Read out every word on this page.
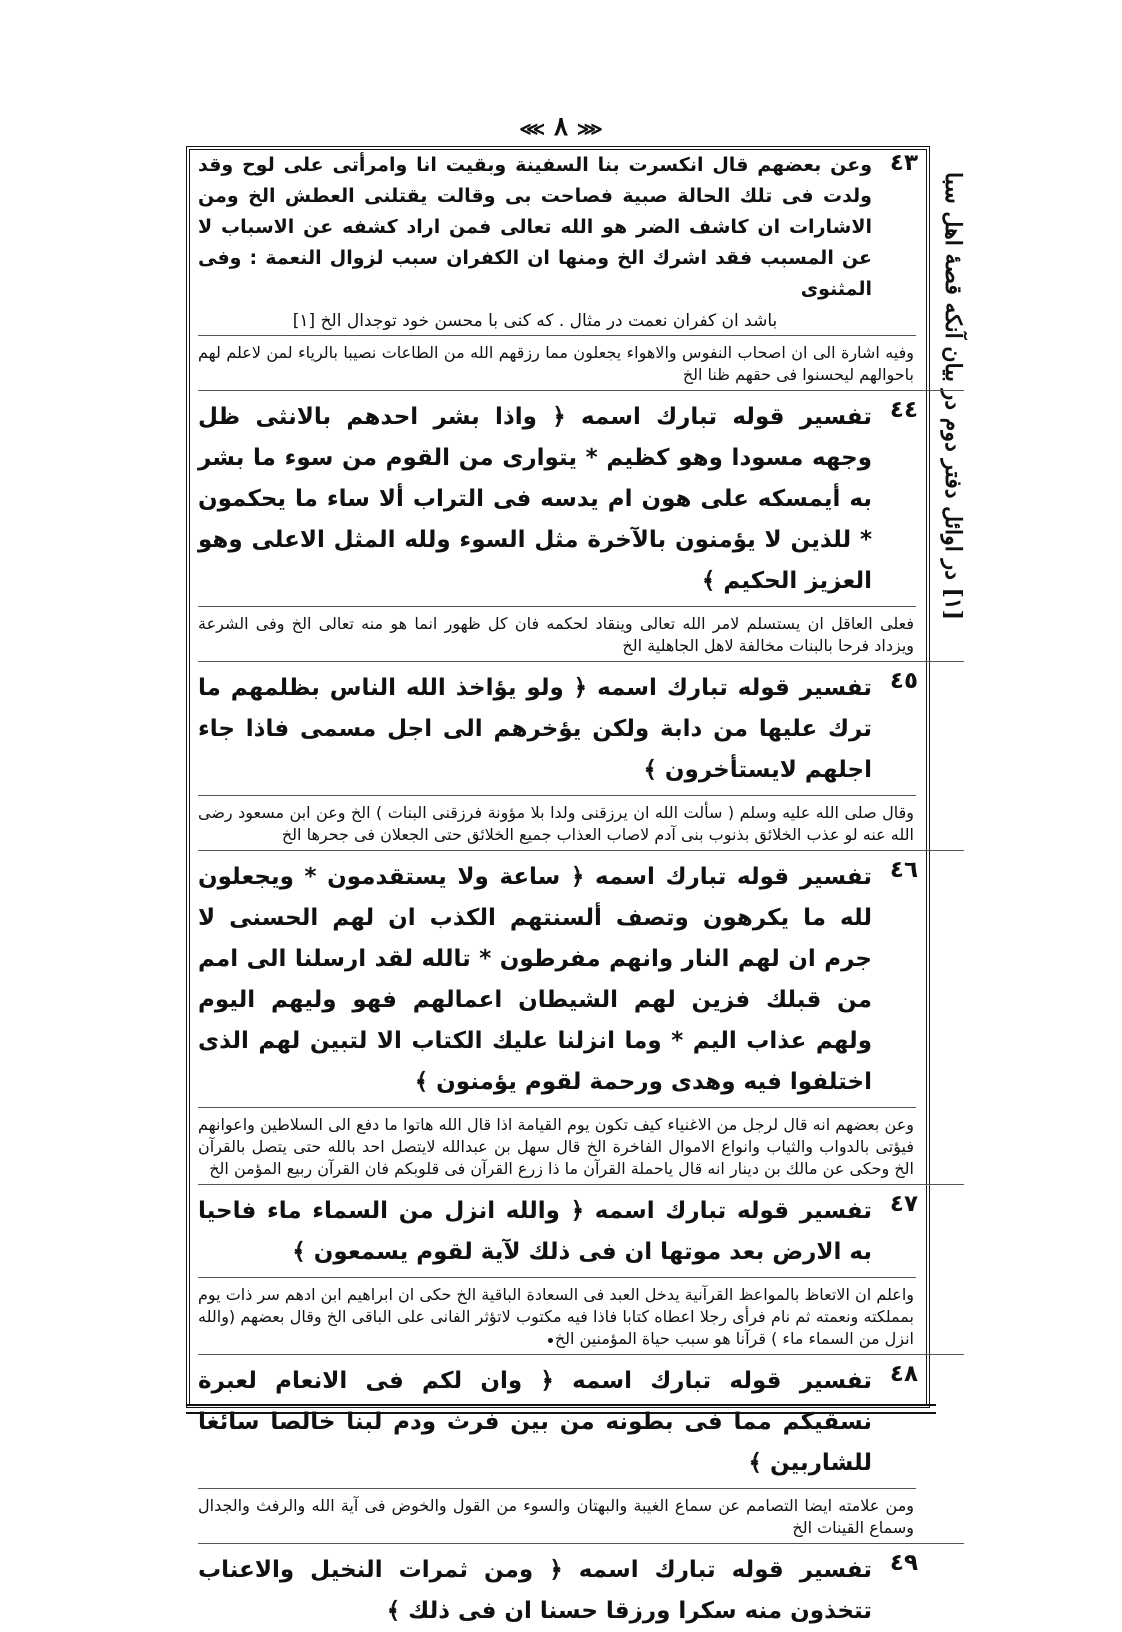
⋘ ٨ ⋙
[١] در اوائل دفتر دوم در بيان آنکه قصهٔ اهل سبا
٤٣

وعن بعضهم قال انكسرت بنا السفينة وبقيت انا وامرأتى على لوح وقد ولدت فى تلك الحالة صبية فصاحت بى وقالت يقتلنى العطش الخ ومن الاشارات ان كاشف الضر هو الله تعالى فمن اراد كشفه عن الاسباب لا عن المسبب فقد اشرك الخ ومنها ان الكفران سبب لزوال النعمة : وفى المثنوى

باشد ان کفران نعمت در مثال . که کنی با محسن خود توجدال الخ [١]

وفيه اشارة الى ان اصحاب النفوس والاهواء يجعلون مما رزقهم الله من الطاعات نصيبا بالرياء لمن لاعلم لهم باحوالهم ليحسنوا فى حقهم ظنا الخ

٤٤

تفسير قوله تبارك اسمه ﴿ واذا بشر احدهم بالانثى ظل وجهه مسودا وهو كظيم * يتوارى من القوم من سوء ما بشر به أيمسكه على هون ام يدسه فى التراب ألا ساء ما يحكمون * للذين لا يؤمنون بالآخرة مثل السوء ولله المثل الاعلى وهو العزيز الحكيم ﴾

فعلى العاقل ان يستسلم لامر الله تعالى وينقاد لحكمه فان كل ظهور انما هو منه تعالى الخ وفى الشرعة ويزداد فرحا بالبنات مخالفة لاهل الجاهلية الخ

٤٥

تفسير قوله تبارك اسمه ﴿ ولو يؤاخذ الله الناس بظلمهم ما ترك عليها من دابة ولكن يؤخرهم الى اجل مسمى فاذا جاء اجلهم لايستأخرون ﴾

وقال صلى الله عليه وسلم ( سألت الله ان يرزقنى ولدا بلا مؤونة فرزقنى البنات ) الخ وعن ابن مسعود رضى الله عنه لو عذب الخلائق بذنوب بنى آدم لاصاب العذاب جميع الخلائق حتى الجعلان فى جحرها الخ

٤٦

تفسير قوله تبارك اسمه ﴿ ساعة ولا يستقدمون * ويجعلون لله ما يكرهون وتصف ألسنتهم الكذب ان لهم الحسنى لا جرم ان لهم النار وانهم مفرطون * تالله لقد ارسلنا الى امم من قبلك فزين لهم الشيطان اعمالهم فهو وليهم اليوم ولهم عذاب اليم * وما انزلنا عليك الكتاب الا لتبين لهم الذى اختلفوا فيه وهدى ورحمة لقوم يؤمنون ﴾

وعن بعضهم انه قال لرجل من الاغنياء كيف تكون يوم القيامة اذا قال الله هاتوا ما دفع الى السلاطين واعوانهم فيؤتى بالدواب والثياب وانواع الاموال الفاخرة الخ قال سهل بن عبدالله لايتصل احد بالله حتى يتصل بالقرآن الخ وحكى عن مالك بن دينار انه قال ياحملة القرآن ما ذا زرع القرآن فى قلوبكم فان القرآن ربيع المؤمن الخ

٤٧

تفسير قوله تبارك اسمه ﴿ والله انزل من السماء ماء فاحيا به الارض بعد موتها ان فى ذلك لآية لقوم يسمعون ﴾

واعلم ان الاتعاظ بالمواعظ القرآنية يدخل العبد فى السعادة الباقية الخ حكى ان ابراهيم ابن ادهم سر ذات يوم بمملكته ونعمته ثم نام فرأى رجلا اعطاه كتابا فاذا فيه مكتوب لاتؤثر الفانى على الباقى الخ وقال بعضهم (والله انزل من السماء ماء ) قرآنا هو سبب حياة المؤمنين الخ

٤٨

تفسير قوله تبارك اسمه ﴿ وان لكم فى الانعام لعبرة نسقيكم مما فى بطونه من بين فرث ودم لبنا خالصا سائغا للشاربين ﴾

ومن علامته ايضا التصامم عن سماع الغيبة والبهتان والسوء من القول والخوض فى آية الله والرفث والجدال وسماع القينات الخ

٤٩

تفسير قوله تبارك اسمه ﴿ ومن ثمرات النخيل والاعناب تتخذون منه سكرا ورزقا حسنا ان فى ذلك ﴾
